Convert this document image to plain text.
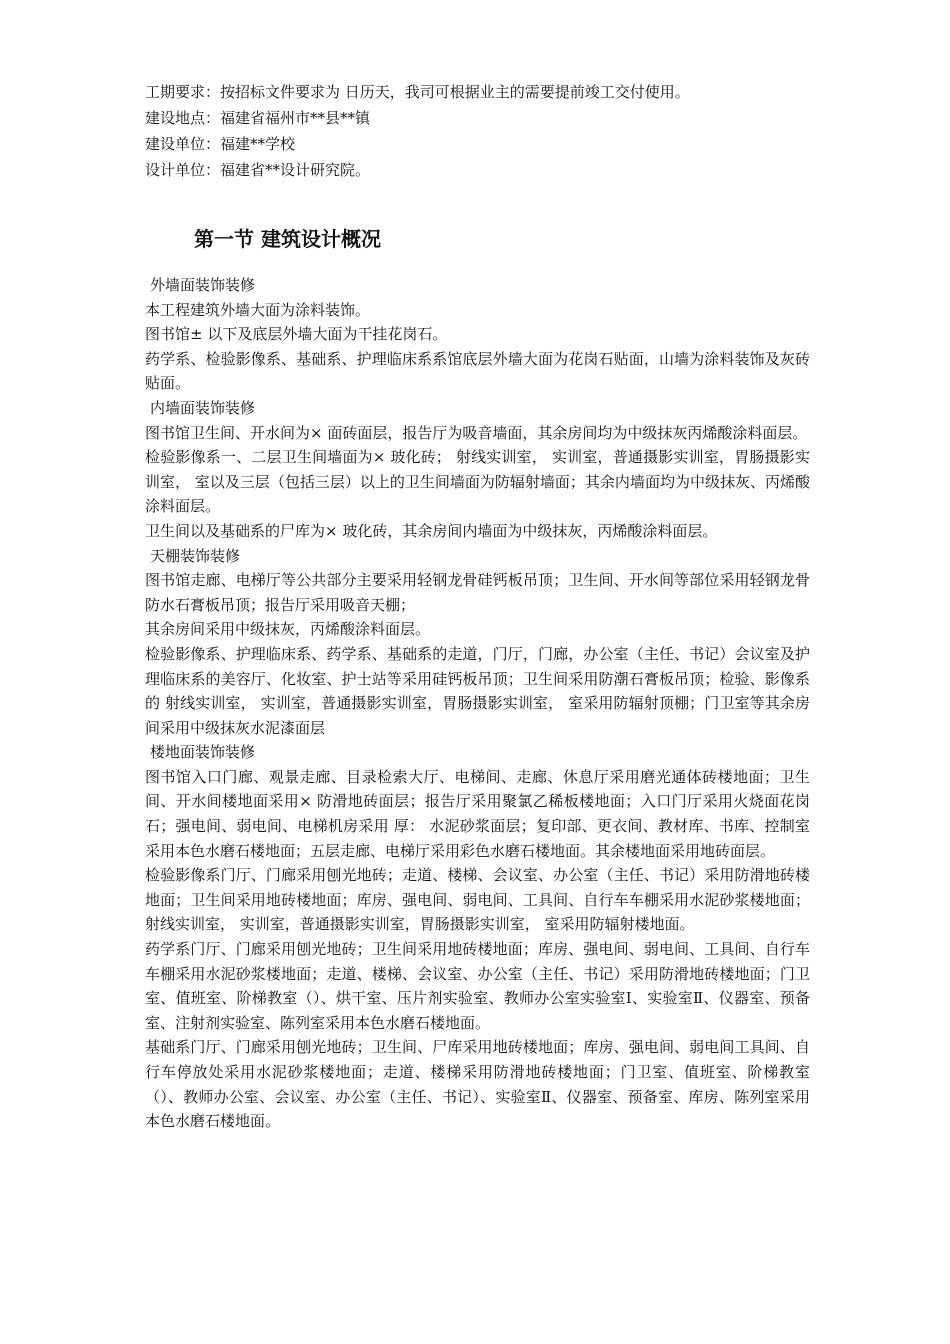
工期要求：按招标文件要求为 日历天，我司可根据业主的需要提前竣工交付使用。

建设地点：福建省福州市**县**镇

建设单位：福建**学校

设计单位：福建省**设计研究院。

第一节 建筑设计概况

外墙面装饰装修

本工程建筑外墙大面为涂料装饰。

图书馆± 以下及底层外墙大面为干挂花岗石。

药学系、检验影像系、基础系、护理临床系系馆底层外墙大面为花岗石贴面，山墙为涂料装饰及灰砖贴面。

内墙面装饰装修

图书馆卫生间、开水间为× 面砖面层，报告厅为吸音墙面，其余房间均为中级抹灰丙烯酸涂料面层。

检验影像系一、二层卫生间墙面为× 玻化砖； 射线实训室， 实训室，普通摄影实训室，胃肠摄影实训室， 室以及三层（包括三层）以上的卫生间墙面为防辐射墙面；其余内墙面均为中级抹灰、丙烯酸涂料面层。

卫生间以及基础系的尸库为× 玻化砖，其余房间内墙面为中级抹灰，丙烯酸涂料面层。

天棚装饰装修

图书馆走廊、电梯厅等公共部分主要采用轻钢龙骨硅钙板吊顶；卫生间、开水间等部位采用轻钢龙骨防水石膏板吊顶；报告厅采用吸音天棚；

其余房间采用中级抹灰，丙烯酸涂料面层。

检验影像系、护理临床系、药学系、基础系的走道，门厅，门廊，办公室（主任、书记）会议室及护理临床系的美容厅、化妆室、护士站等采用硅钙板吊顶；卫生间采用防潮石膏板吊顶；检验、影像系的 射线实训室， 实训室，普通摄影实训室，胃肠摄影实训室， 室采用防辐射顶棚；门卫室等其余房间采用中级抹灰水泥漆面层

楼地面装饰装修

图书馆入口门廊、观景走廊、目录检索大厅、电梯间、走廊、休息厅采用磨光通体砖楼地面；卫生间、开水间楼地面采用× 防滑地砖面层；报告厅采用聚氯乙稀板楼地面；入口门厅采用火烧面花岗石；强电间、弱电间、电梯机房采用 厚： 水泥砂浆面层；复印部、更衣间、教材库、书库、控制室采用本色水磨石楼地面；五层走廊、电梯厅采用彩色水磨石楼地面。其余楼地面采用地砖面层。

检验影像系门厅、门廊采用刨光地砖；走道、楼梯、会议室、办公室（主任、书记）采用防滑地砖楼地面；卫生间采用地砖楼地面；库房、强电间、弱电间、工具间、自行车车棚采用水泥砂浆楼地面； 射线实训室， 实训室，普通摄影实训室，胃肠摄影实训室， 室采用防辐射楼地面。

药学系门厅、门廊采用刨光地砖；卫生间采用地砖楼地面；库房、强电间、弱电间、工具间、自行车车棚采用水泥砂浆楼地面；走道、楼梯、会议室、办公室（主任、书记）采用防滑地砖楼地面；门卫室、值班室、阶梯教室（）、烘干室、压片剂实验室、教师办公室实验室Ⅰ、实验室Ⅱ、仪器室、预备室、注射剂实验室、陈列室采用本色水磨石楼地面。

基础系门厅、门廊采用刨光地砖；卫生间、尸库采用地砖楼地面；库房、强电间、弱电间工具间、自行车停放处采用水泥砂浆楼地面；走道、楼梯采用防滑地砖楼地面；门卫室、值班室、阶梯教室（）、教师办公室、会议室、办公室（主任、书记）、实验室Ⅱ、仪器室、预备室、库房、陈列室采用本色水磨石楼地面。
